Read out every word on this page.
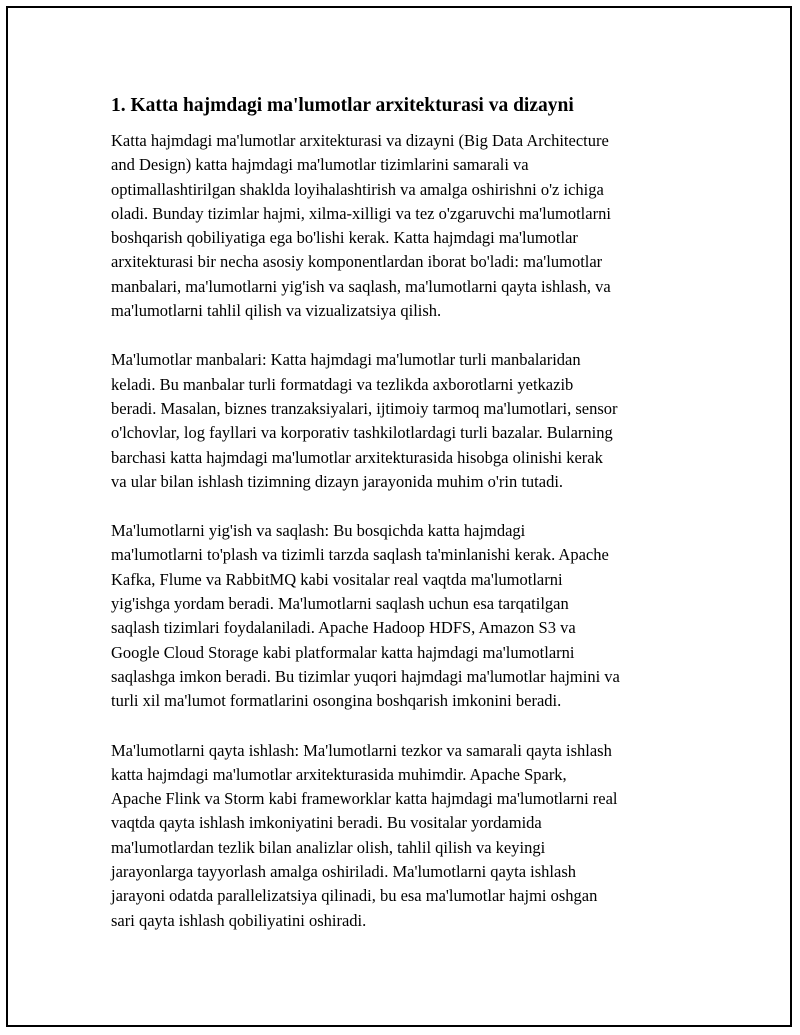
1. Katta hajmdagi ma'lumotlar arxitekturasi va dizayni

Katta hajmdagi ma'lumotlar arxitekturasi va dizayni (Big Data Architecture
and Design) katta hajmdagi ma'lumotlar tizimlarini samarali va
optimallashtirilgan shaklda loyihalashtirish va amalga oshirishni o'z ichiga
oladi. Bunday tizimlar hajmi, xilma-xilligi va tez o'zgaruvchi ma'lumotlarni
boshqarish qobiliyatiga ega bo'lishi kerak. Katta hajmdagi ma'lumotlar
arxitekturasi bir necha asosiy komponentlardan iborat bo'ladi: ma'lumotlar
manbalari, ma'lumotlarni yig'ish va saqlash, ma'lumotlarni qayta ishlash, va
ma'lumotlarni tahlil qilish va vizualizatsiya qilish.

Ma'lumotlar manbalari: Katta hajmdagi ma'lumotlar turli manbalaridan
keladi. Bu manbalar turli formatdagi va tezlikda axborotlarni yetkazib
beradi. Masalan, biznes tranzaksiyalari, ijtimoiy tarmoq ma'lumotlari, sensor
o'lchovlar, log fayllari va korporativ tashkilotlardagi turli bazalar. Bularning
barchasi katta hajmdagi ma'lumotlar arxitekturasida hisobga olinishi kerak
va ular bilan ishlash tizimning dizayn jarayonida muhim o'rin tutadi.

Ma'lumotlarni yig'ish va saqlash: Bu bosqichda katta hajmdagi
ma'lumotlarni to'plash va tizimli tarzda saqlash ta'minlanishi kerak. Apache
Kafka, Flume va RabbitMQ kabi vositalar real vaqtda ma'lumotlarni
yig'ishga yordam beradi. Ma'lumotlarni saqlash uchun esa tarqatilgan
saqlash tizimlari foydalaniladi. Apache Hadoop HDFS, Amazon S3 va
Google Cloud Storage kabi platformalar katta hajmdagi ma'lumotlarni
saqlashga imkon beradi. Bu tizimlar yuqori hajmdagi ma'lumotlar hajmini va
turli xil ma'lumot formatlarini osongina boshqarish imkonini beradi.

Ma'lumotlarni qayta ishlash: Ma'lumotlarni tezkor va samarali qayta ishlash
katta hajmdagi ma'lumotlar arxitekturasida muhimdir. Apache Spark,
Apache Flink va Storm kabi frameworklar katta hajmdagi ma'lumotlarni real
vaqtda qayta ishlash imkoniyatini beradi. Bu vositalar yordamida
ma'lumotlardan tezlik bilan analizlar olish, tahlil qilish va keyingi
jarayonlarga tayyorlash amalga oshiriladi. Ma'lumotlarni qayta ishlash
jarayoni odatda parallelizatsiya qilinadi, bu esa ma'lumotlar hajmi oshgan
sari qayta ishlash qobiliyatini oshiradi.
